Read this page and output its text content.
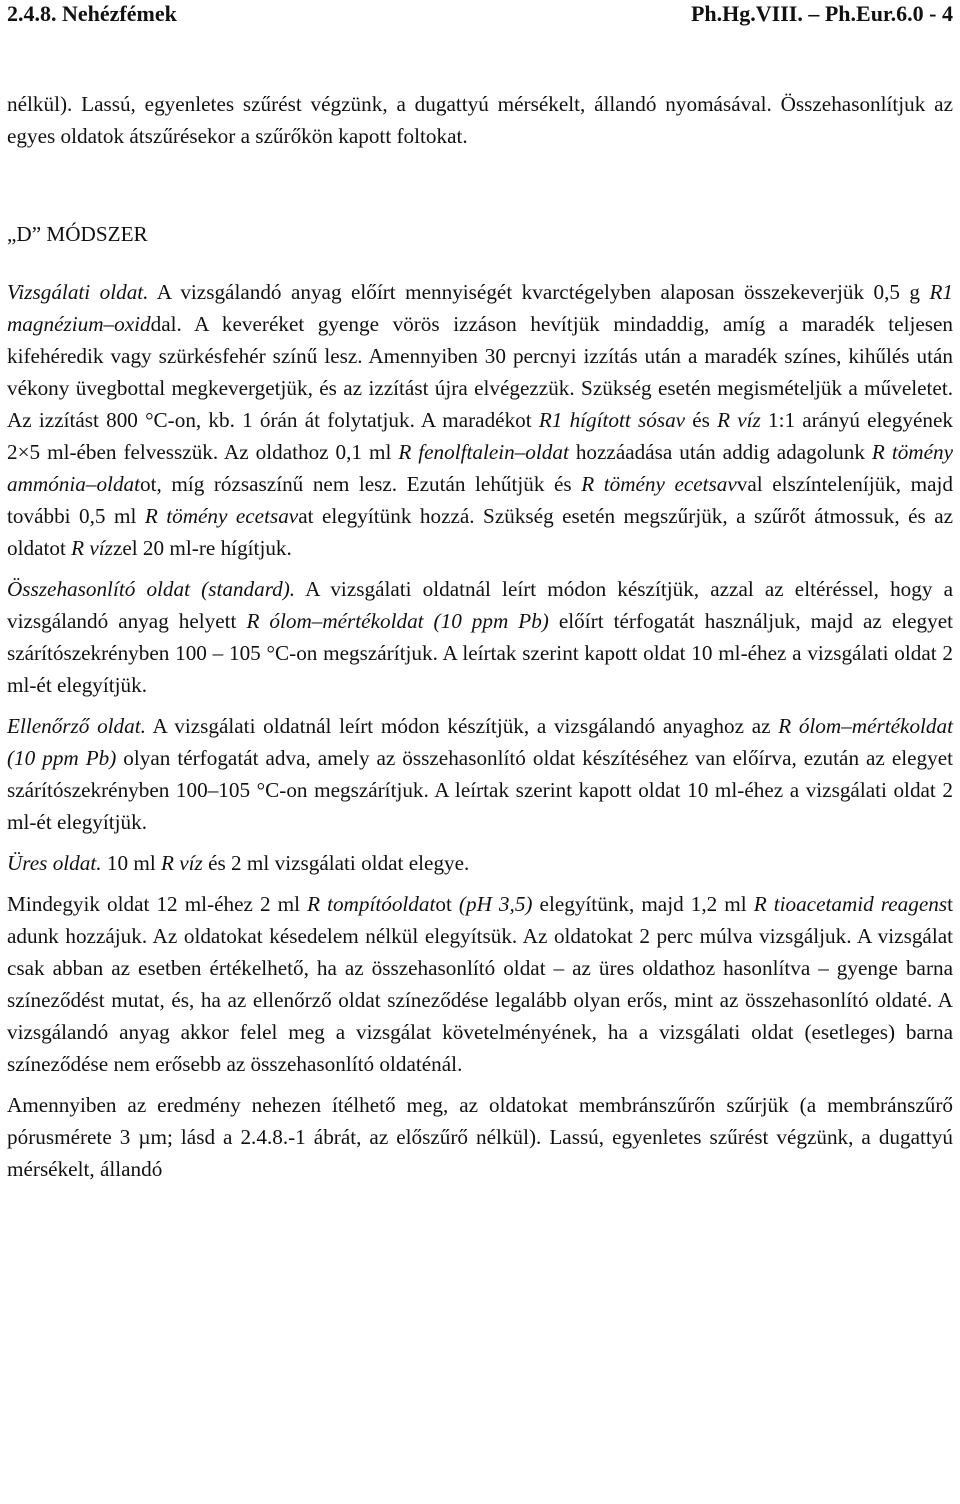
2.4.8. Nehézfémek	Ph.Hg.VIII. – Ph.Eur.6.0 - 4

nélkül). Lassú, egyenletes szűrést végzünk, a dugattyú mérsékelt, állandó nyomásával. Összehasonlítjuk az egyes oldatok átszűrésekor a szűrőkön kapott foltokat.

„D” MÓDSZER

Vizsgálati oldat. A vizsgálandó anyag előírt mennyiségét kvarctégelyben alaposan összekeverjük 0,5 g R1 magnézium–oxiddal. A keveréket gyenge vörös izzáson hevítjük mindaddig, amíg a maradék teljesen kifehéredik vagy szürkésfehér színű lesz. Amennyiben 30 percnyi izzítás után a maradék színes, kihűlés után vékony üvegbottal megkevergetjük, és az izzítást újra elvégezzük. Szükség esetén megismételjük a műveletet. Az izzítást 800 °C-on, kb. 1 órán át folytatjuk. A maradékot R1 hígított sósav és R víz 1:1 arányú elegyének 2×5 ml-ében felvesszük. Az oldathoz 0,1 ml R fenolftalein–oldat hozzáadása után addig adagolunk R tömény ammónia–oldatot, míg rózsaszínű nem lesz. Ezután lehűtjük és R tömény ecetsavval elszínteleníjük, majd további 0,5 ml R tömény ecetsavat elegyítünk hozzá. Szükség esetén megszűrjük, a szűrőt átmossuk, és az oldatot R vízzel 20 ml-re hígítjuk.

Összehasonlító oldat (standard). A vizsgálati oldatnál leírt módon készítjük, azzal az eltéréssel, hogy a vizsgálandó anyag helyett R ólom–mértékoldat (10 ppm Pb) előírt térfogatát használjuk, majd az elegyet szárítószekrényben 100 – 105 °C-on megszárítjuk. A leírtak szerint kapott oldat 10 ml-éhez a vizsgálati oldat 2 ml-ét elegyítjük.

Ellenőrző oldat. A vizsgálati oldatnál leírt módon készítjük, a vizsgálandó anyaghoz az R ólom–mértékoldat (10 ppm Pb) olyan térfogatát adva, amely az összehasonlító oldat készítéséhez van előírva, ezután az elegyet szárítószekrényben 100–105 °C-on megszárítjuk. A leírtak szerint kapott oldat 10 ml-éhez a vizsgálati oldat 2 ml-ét elegyítjük.

Üres oldat. 10 ml R víz és 2 ml vizsgálati oldat elegye.

Mindegyik oldat 12 ml-éhez 2 ml R tompítóoldatot (pH 3,5) elegyítünk, majd 1,2 ml R tioacetamid reagenst adunk hozzájuk. Az oldatokat késedelem nélkül elegyítsük. Az oldatokat 2 perc múlva vizsgáljuk. A vizsgálat csak abban az esetben értékelhető, ha az összehasonlító oldat – az üres oldathoz hasonlítva – gyenge barna színeződést mutat, és, ha az ellenőrző oldat színeződése legalább olyan erős, mint az összehasonlító oldaté. A vizsgálandó anyag akkor felel meg a vizsgálat követelményének, ha a vizsgálati oldat (esetleges) barna színeződése nem erősebb az összehasonlító oldaténál.

Amennyiben az eredmény nehezen ítélhető meg, az oldatokat membránszűrőn szűrjük (a membránszűrő pórusmérete 3 µm; lásd a 2.4.8.-1 ábrát, az előszűrő nélkül). Lassú, egyenletes szűrést végzünk, a dugattyú mérsékelt, állandó
